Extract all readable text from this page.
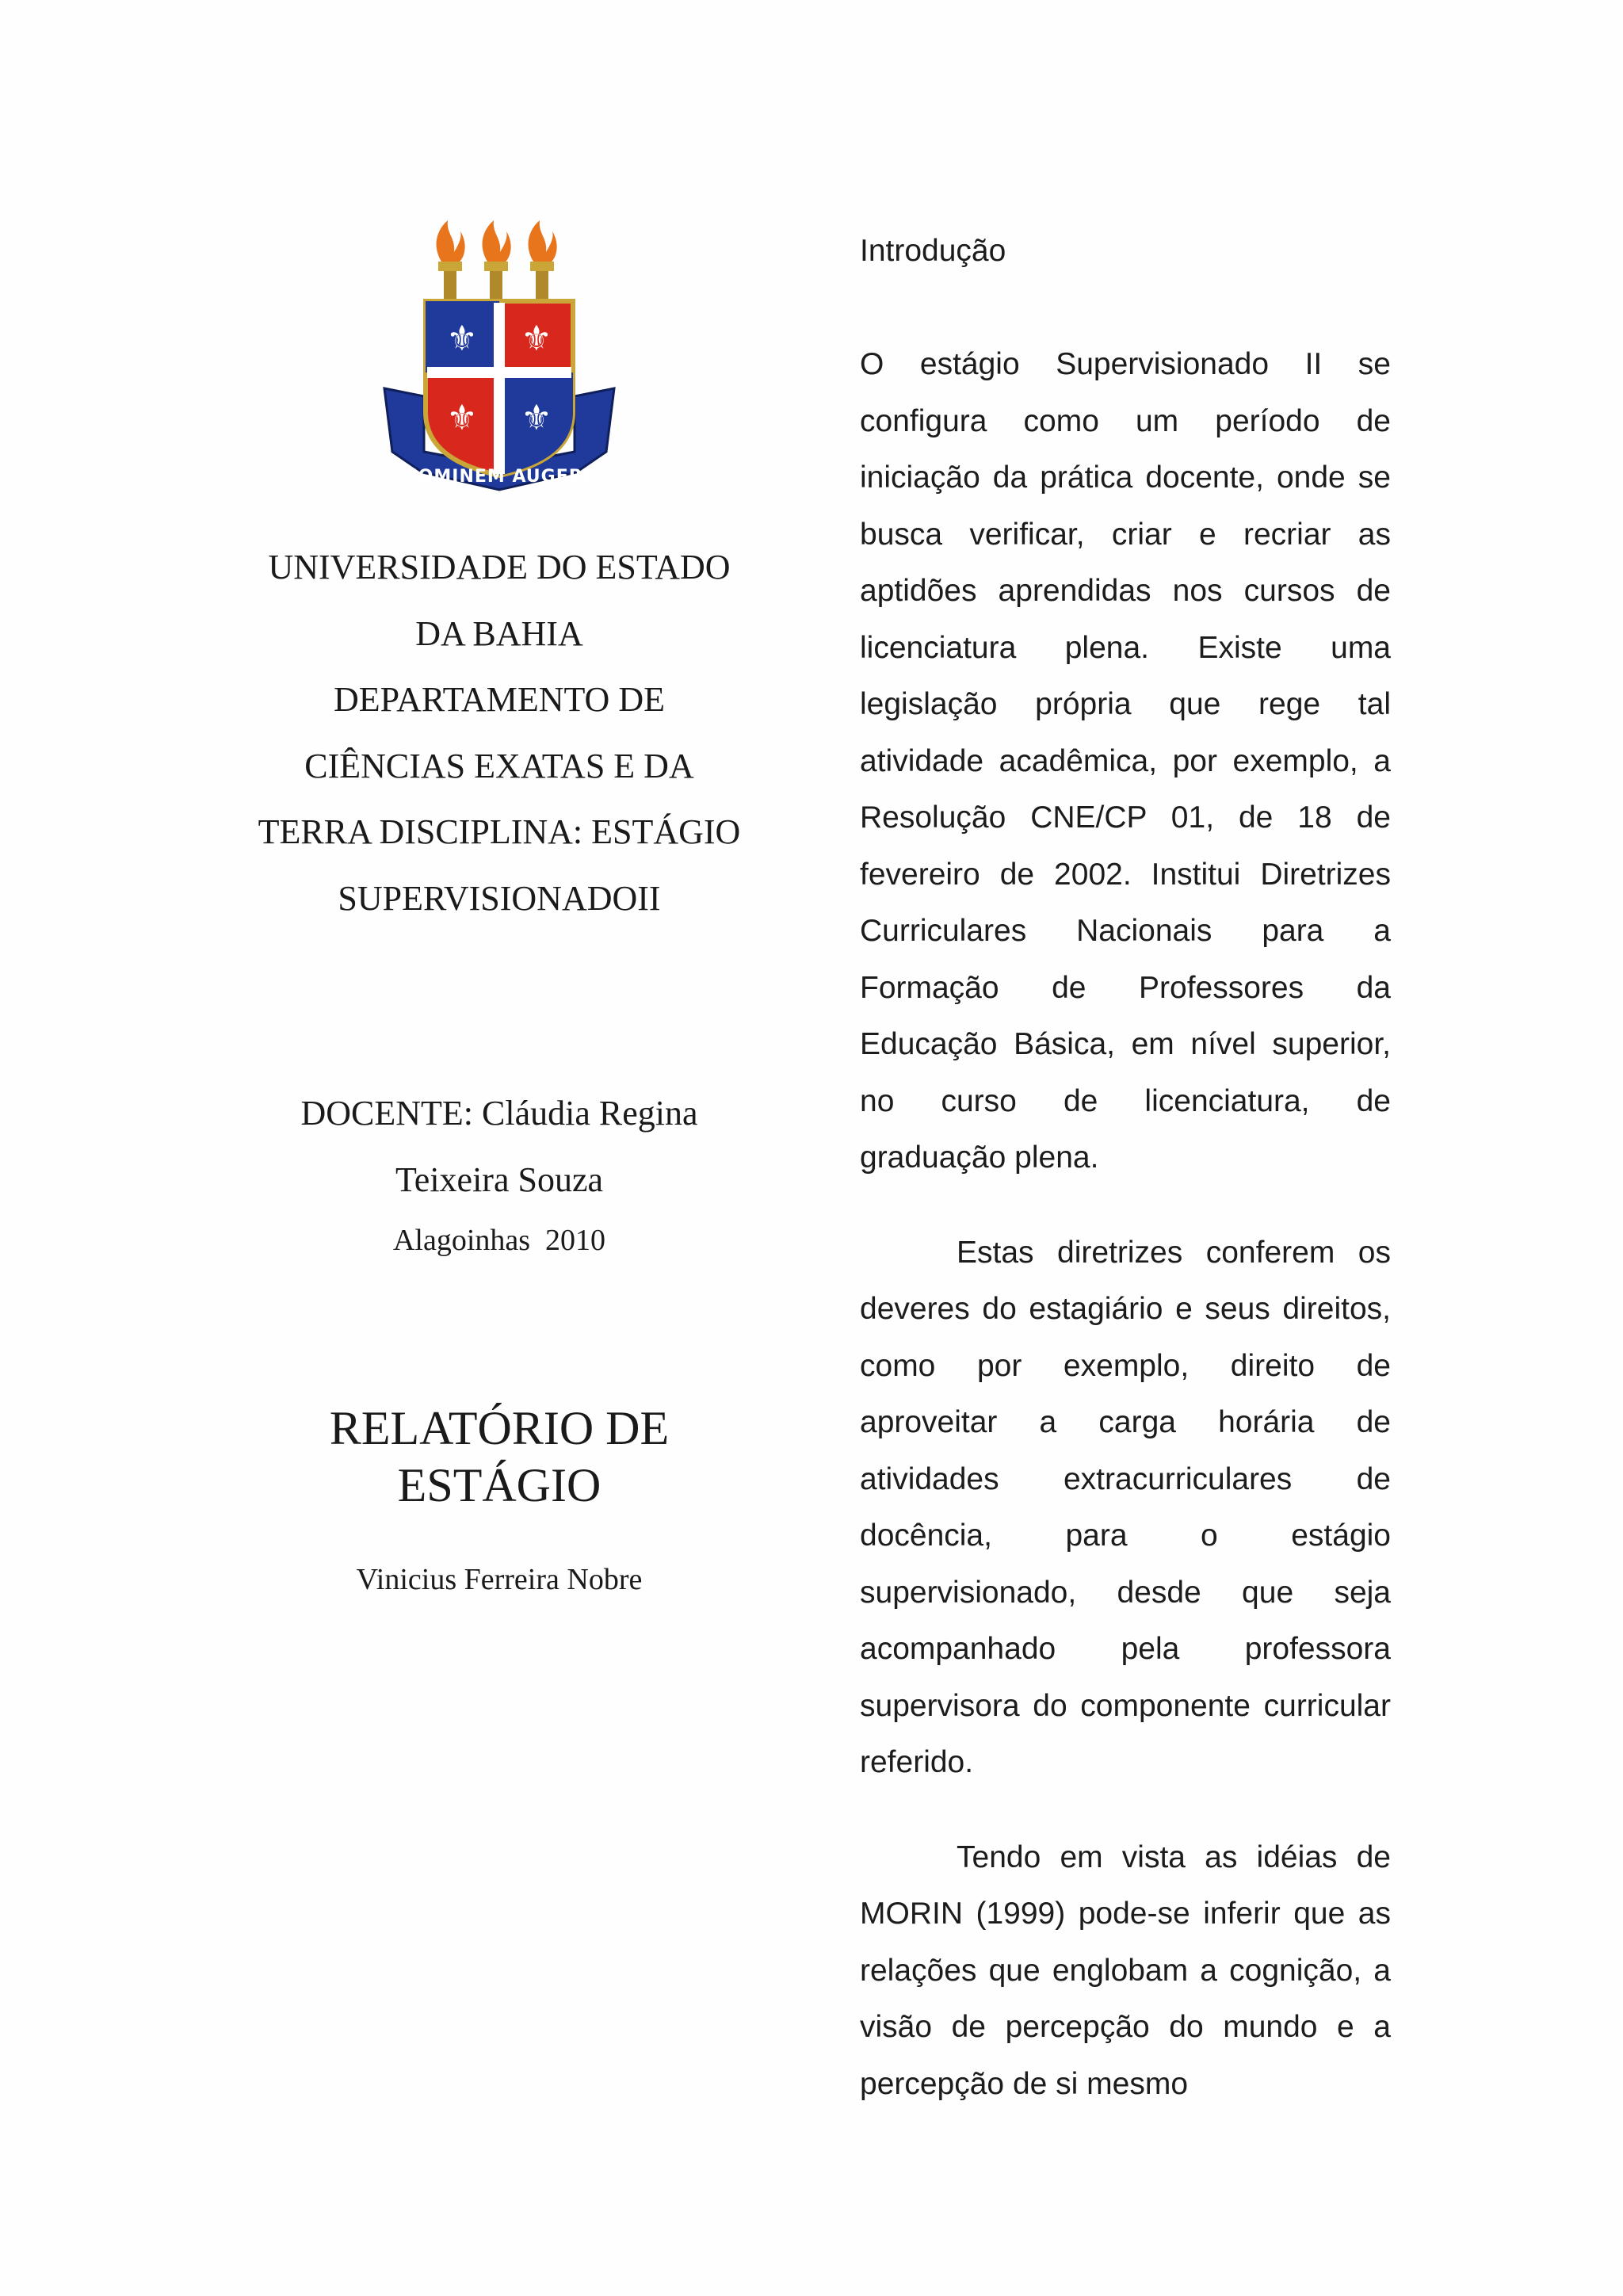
⚜ ⚜
⚜ ⚜
HOMINEM AUGERE
UNIVERSIDADE DO ESTADO
DA BAHIA
DEPARTAMENTO DE
CIÊNCIAS EXATAS E DA
TERRA DISCIPLINA: ESTÁGIO
SUPERVISIONADOII
DOCENTE: Cláudia Regina
Teixeira Souza
Alagoinhas  2010
RELATÓRIO DE
ESTÁGIO
Vinicius Ferreira Nobre
Introdução

O estágio Supervisionado II se configura como um período de iniciação da prática docente, onde se busca verificar, criar e recriar as aptidões aprendidas nos cursos de licenciatura plena. Existe uma legislação própria que rege tal atividade acadêmica, por exemplo, a Resolução CNE/CP 01, de 18 de fevereiro de 2002. Institui Diretrizes Curriculares Nacionais para a Formação de Professores da Educação Básica, em nível superior, no curso de licenciatura, de graduação plena.

Estas diretrizes conferem os deveres do estagiário e seus direitos, como por exemplo, direito de aproveitar a carga horária de atividades extracurriculares de docência, para o estágio supervisionado, desde que seja acompanhado pela professora supervisora do componente curricular referido.

Tendo em vista as idéias de MORIN (1999) pode-se inferir que as relações que englobam a cognição, a visão de percepção do mundo e a percepção de si mesmo
